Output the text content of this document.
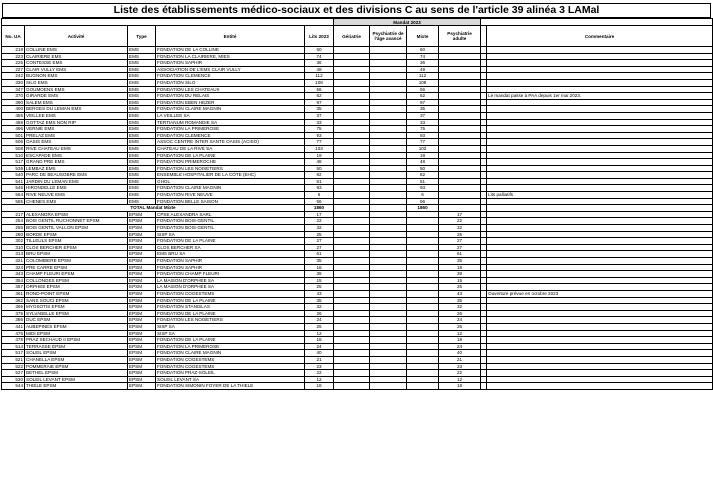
Liste des établissements médico-sociaux et des divisions C au sens de l'article 39 alinéa 3 LAMal
					Mandat 2023					
No. UA	Activité	Type	Entité	Lits 2023	Gériatrie	Psychiatrie de l'âge avancé	Mixte	Psychiatrie adulte		Commentaire
219	COLLINE EMS	EMS	FONDATION DE LA COLLINE	60			60			
223	CLAIRIERE EMS	EMS	FONDATION LA CLAIRIERE, MIES	74			74			
225	CONTESSE EMS	EMS	FONDATION SAPHIR	36			36			
227	CLAIR VULLY EMS	EMS	ASSOCIATION DE L'EMS CLAIR VULLY	49			49			
242	BUGNON EMS	EMS	FONDATION CLEMENCE	112			112			
330	SILO EMS	EMS	FONDATION SILO	108			108			
347	GOUMOENS EMS	EMS	FONDATION LES CHATEAUX	56			56			
370	GIRARDE EMS	EMS	FONDATION DU RELAIS	62			62			Le mandat passe à PAA depuis 1er mai 2023.
390	SALEM EMS	EMS	FONDATION EBEN HEZER	97			97			
400	BERGES DU LEMAN EMS	EMS	FONDATION CLAIRE MAGNIN	35			35			
455	VEILLEE EMS	EMS	LA VEILLEE SA	37			37			
488	GOTTAZ EMS NON RIP	EMS	TERTIANUM ROMANDIE SA	33			33			
496	VERNIE EMS	EMS	FONDATION LA PRIMEROSE	75			75			
501	PRELAZ EMS	EMS	FONDATION CLEMENCE	93			93			
506	OASIS EMS	EMS	ASSOC CENTRE INTER SANTE OASIS (ACISO)	77			77			
508	RIVE CHATEAU EMS	EMS	CHATEAU DE LA RIVE SA	103			103			
510	ESCAPADE EMS	EMS	FONDATION DE LA PLAINE	19			19			
517	GRAND PRE EMS	EMS	FONDATION PRIMEROCHE	48			48			
539	LEMBAZ EMS	EMS	FONDATION LES NOISETIERS	50			50			
540	PARC DE BEAUSOBRE EMS	EMS	ENSEMBLE HOSPITALIER DE LA COTE (EHC)	82			82			
541	JARDIN DU LEMAN EMS	EMS	GHOL	51			51			
545	HIRONDELLE EMS	EMS	FONDATION CLAIRE MAGNIN	93			93			
564	RIVE NEUVE EMS	EMS	FONDATION RIVE NEUVE	6			6			Lits palliatifs
565	CHENES EMS	EMS	FONDATION BELLE SAISON	56			56			
TOTAL Mandat Mixte				1860			1860			
217	ALEXANDRA EPSM	EPSM	CPSE ALEXANDRA SARL	17				17		
254	BOIS GENTIL RUCHONNET EPSM	EPSM	FONDATION BOIS-GENTIL	22				22		
255	BOIS GENTIL VALLON EPSM	EPSM	FONDATION BOIS-GENTIL	32				32		
280	BORDE EPSM	EPSM	SISP SA	25				25		
302	TILLEULS EPSM	EPSM	FONDATION DE LA PLAINE	27				27		
310	CLOS BERCHER EPSM	EPSM	CLOS BERCHER SA	27				27		
313	BRU EPSM	EPSM	EMS BRU SA	61				61		
321	COLOMBIERE EPSM	EPSM	FONDATION SAPHIR	35				35		
324	PRE CARRE EPSM	EPSM	FONDATION SAPHIR	18				18		
343	CHAMP FLEURI EPSM	EPSM	FONDATION CHAMP FLEURI	39				39		
354	COLLONGES EPSM	EPSM	LA MAISON D'ORPHEE SA	15				15		
357	ORPHEE EPSM	EPSM	LA MAISON D'ORPHEE SA	25				25		
361	ROND-POINT EPSM	EPSM	FONDATION COGESTEMS	43				43		Ouverture prévue en octobre 2023
362	SANS SOUCI EPSM	EPSM	FONDATION DE LA PLAINE	35				35		
365	MYOSOTIS EPSM	EPSM	FONDATION STANISLAS	32				32		
375	SYLVABELLE EPSM	EPSM	FONDATION DE LA PLAINE	26				26		
386	DUC EPSM	EPSM	FONDATION LES NOISETIERS	24				24		
441	AUBEPINES EPSM	EPSM	SISP SA	25				25		
476	MIDI EPSM	EPSM	SISP SA	12				12		
478	PRAZ SECHAUD II EPSM	EPSM	FONDATION DE LA PLAINE	18				18		
514	TERRASSE EPSM	EPSM	FONDATION LA PRIMEROSE	24				24		
517	SOLEIL EPSM	EPSM	FONDATION CLAIRE MAGNIN	40				40		
521	CHANELLA EPSM	EPSM	FONDATION COGESTEMS	21				21		
522	POMMERAIE EPSM	EPSM	FONDATION COGESTEMS	23				23		
527	BETHEL EPSM	EPSM	FONDATION PRAZ-SOLEIL	22				22		
530	SOLEIL LEVANT EPSM	EPSM	SOLEIL LEVANT SA	12				12		
544	THIELE EPSM	EPSM	FONDATION SIMONIN FOYER DE LA THIELE	18				18		
